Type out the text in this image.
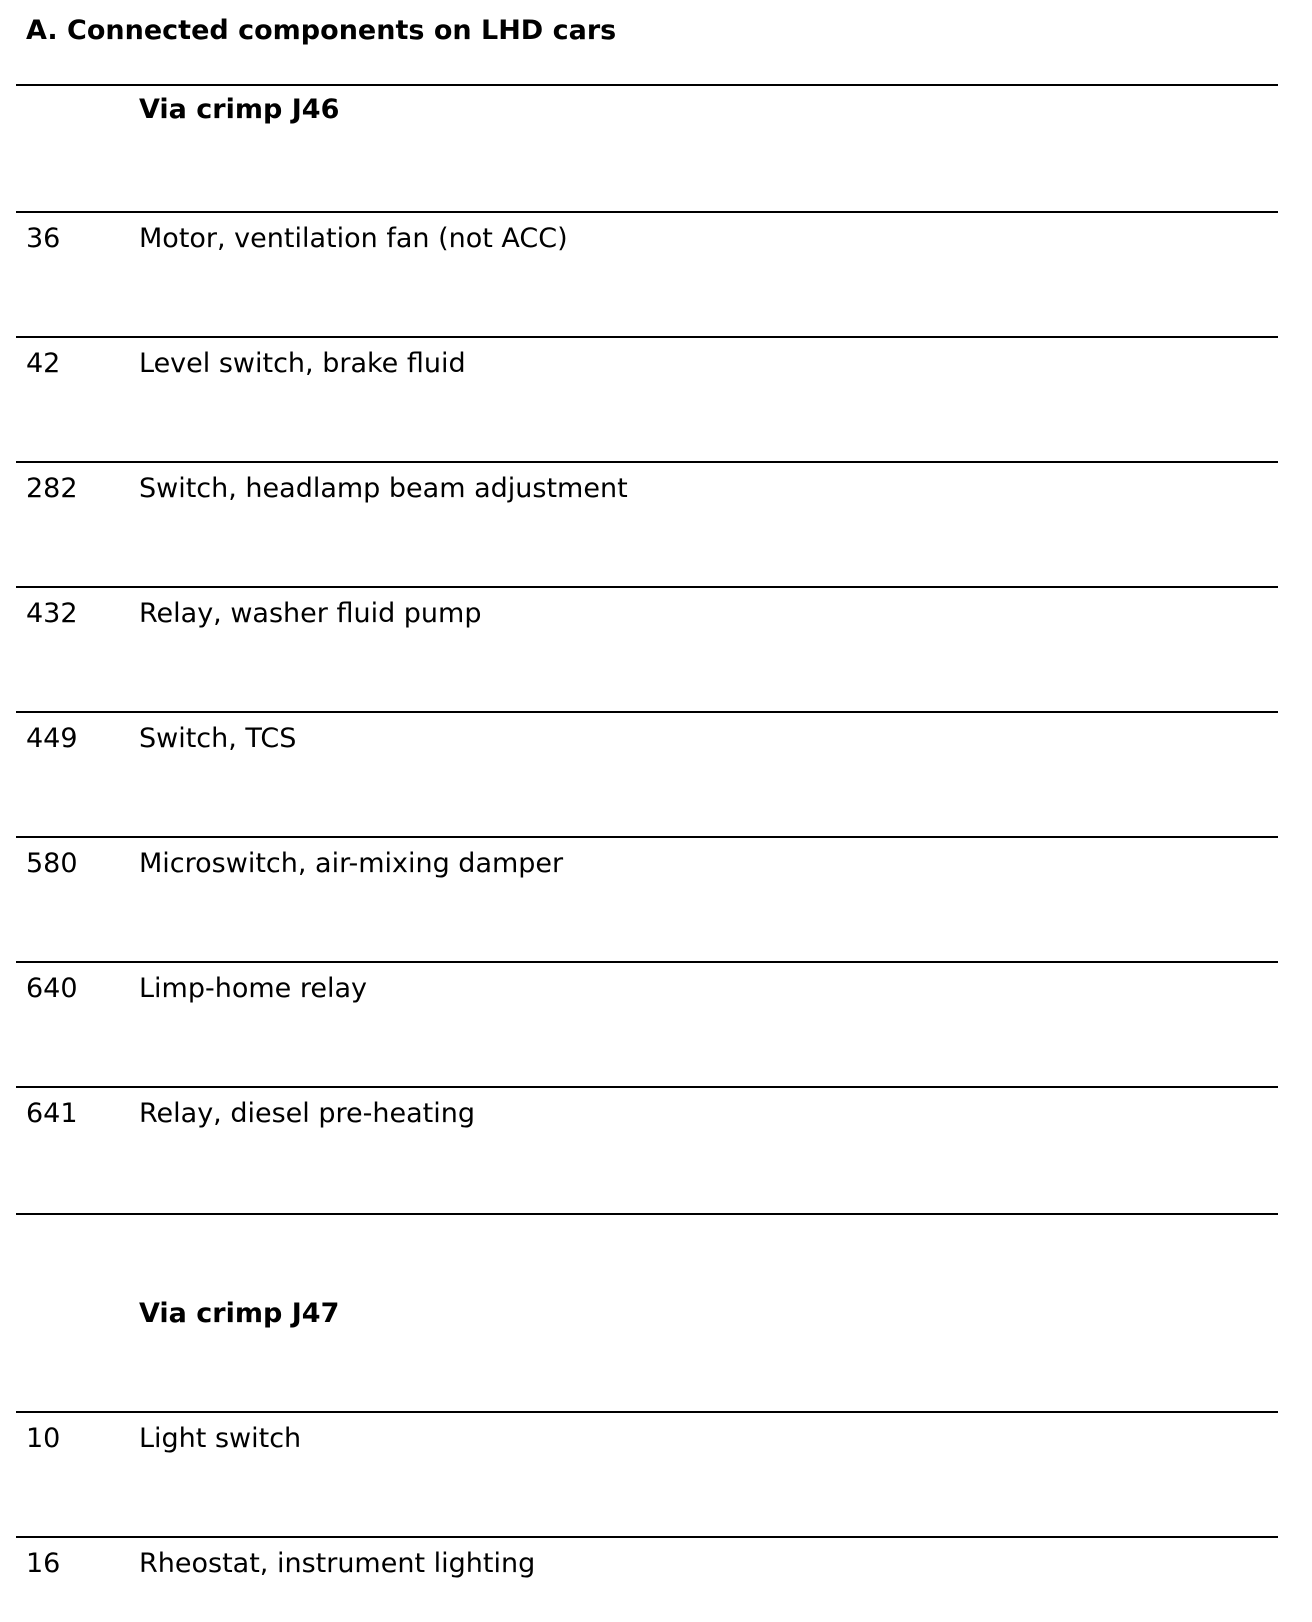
A. Connected components on LHD cars
Via crimp J46
36	Motor, ventilation fan (not ACC)
42	Level switch, brake fluid
282 Switch, headlamp beam adjustment
432 Relay, washer fluid pump
449 Switch, TCS
580 Microswitch, air-mixing damper
640 Limp-home relay
641 Relay, diesel pre-heating
Via crimp J47
10	Light switch
16	Rheostat, instrument lighting
